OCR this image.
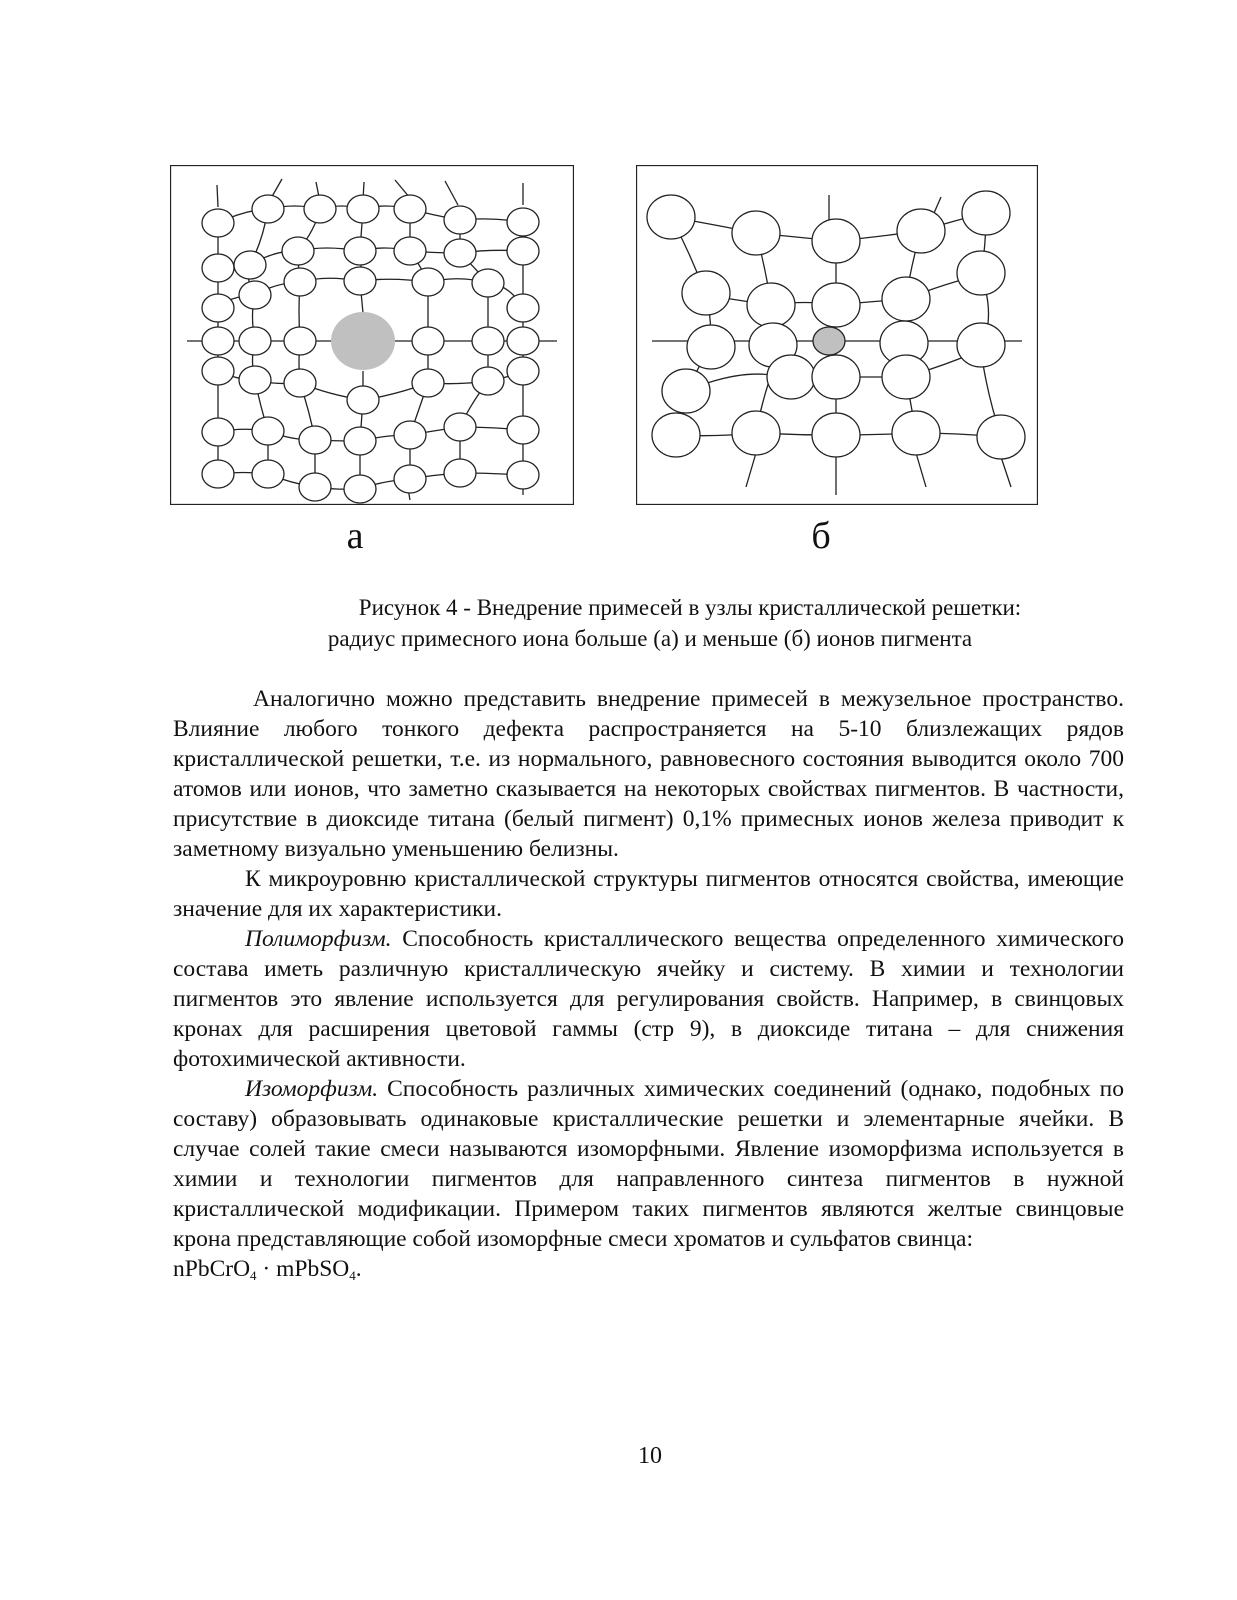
а	б
Рисунок 4 - Внедрение примесей в узлы кристаллической решетки:
радиус примесного иона больше (а) и меньше (б) ионов пигмента

Аналогично можно представить внедрение примесей в межузельное пространство. Влияние любого тонкого дефекта распространяется на 5-10 близлежащих рядов кристаллической решетки, т.е. из нормального, равновесного состояния выводится около 700 атомов или ионов, что заметно сказывается на некоторых свойствах пигментов. В частности, присутствие в диоксиде титана (белый пигмент) 0,1% примесных ионов железа приводит к заметному визуально уменьшению белизны.

К микроуровню кристаллической структуры пигментов относятся свойства, имеющие значение для их характеристики.

Полиморфизм. Способность кристаллического вещества определенного химического состава иметь различную кристаллическую ячейку и систему. В химии и технологии пигментов это явление используется для регулирования свойств. Например, в свинцовых кронах для расширения цветовой гаммы (стр 9), в диоксиде титана – для снижения фотохимической активности.

Изоморфизм. Способность различных химических соединений (однако, подобных по составу) образовывать одинаковые кристаллические решетки и элементарные ячейки. В случае солей такие смеси называются изоморфными. Явление изоморфизма используется в химии и технологии пигментов для направленного синтеза пигментов в нужной кристаллической модификации. Примером таких пигментов являются желтые свинцовые крона представляющие собой изоморфные смеси хроматов и сульфатов свинца:

nPbCrO$_4$ · mPbSO$_4$.

10
